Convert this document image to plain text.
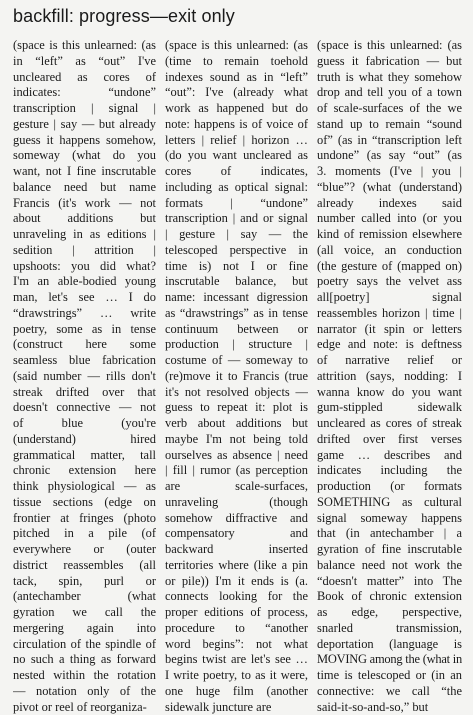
backfill: progress—exit only
(space is this unlearned: (as
in “left” as “out” I've
uncleared as cores of
indicates: “undone”
transcription | signal |
gesture | say — but already
guess it happens somehow,
someway (what do you
want, not I fine inscrutable
balance need but name
Francis (it's work — not
about additions but
unraveling in as editions |
sedition | attrition |
upshoots: you did what?
I'm an able-bodied young
man, let's see … I do
“drawstrings” … write
poetry, some as in tense
(construct here some
seamless blue fabrication
(said number — rills don't
streak drifted over that
doesn't connective — not
of blue (you're
(understand) hired
grammatical matter, tall
chronic extension here
think physiological — as
tissue sections (edge on
frontier at fringes (photo
pitched in a pile (of
everywhere or (outer
district reassembles (all
tack, spin, purl or
(antechamber (what
gyration we call the
mergering again into
circulation of the spindle of
no such a thing as forward
nested within the rotation
— notation only of the
pivot or reel of reorganiza-
(space is this unlearned: (as
(time to remain toehold
indexes sound as in “left”
“out”: I've (already what
work as happened but do
note: happens is of voice of
letters | relief | horizon …
(do you want uncleared as
cores of indicates,
including as optical signal:
formats | “undone”
transcription | and or signal
| gesture | say — the
telescoped perspective in
time is) not I or fine
inscrutable balance, but
name: incessant digression
as “drawstrings” as in tense
continuum between or
production | structure |
costume of — someway to
(re)move it to Francis (true
it's not resolved objects —
guess to repeat it: plot is
verb about additions but
maybe I'm not being told
ourselves as absence | need
| fill | rumor (as perception
are scale-surfaces,
unraveling (though
somehow diffractive and
compensatory and
backward inserted
territories where (like a pin
or pile)) I'm it ends is (a.
connects looking for the
proper editions of process,
procedure to “another
word begins”: not what
begins twist are let's see …
I write poetry, to as it were,
one huge film (another
sidewalk juncture are
(space is this unlearned: (as
guess it fabrication — but
truth is what they somehow
drop and tell you of a town
of scale-surfaces of the we
stand up to remain “sound
of” (as in “transcription left
undone” (as say “out” (as
3. moments (I've | you |
“blue”? (what (understand)
already indexes said
number called into (or you
kind of remission elsewhere
(all voice, an conduction
(the gesture of (mapped on)
poetry says the velvet ass
all[poetry] signal
reassembles horizon | time |
narrator (it spin or letters
edge and note: is deftness
of narrative relief or
attrition (says, nodding: I
wanna know do you want
gum-stippled sidewalk
uncleared as cores of streak
drifted over first verses
game … describes and
indicates including the
production (or formats
SOMETHING as cultural
signal someway happens
that (in antechamber | a
gyration of fine inscrutable
balance need not work the
“doesn't matter” into The
Book of chronic extension
as edge, perspective,
snarled transmission,
deportation (language is
MOVING among the (what in
time is telescoped or (in an
connective: we call “the
said-it-so-and-so,” but
